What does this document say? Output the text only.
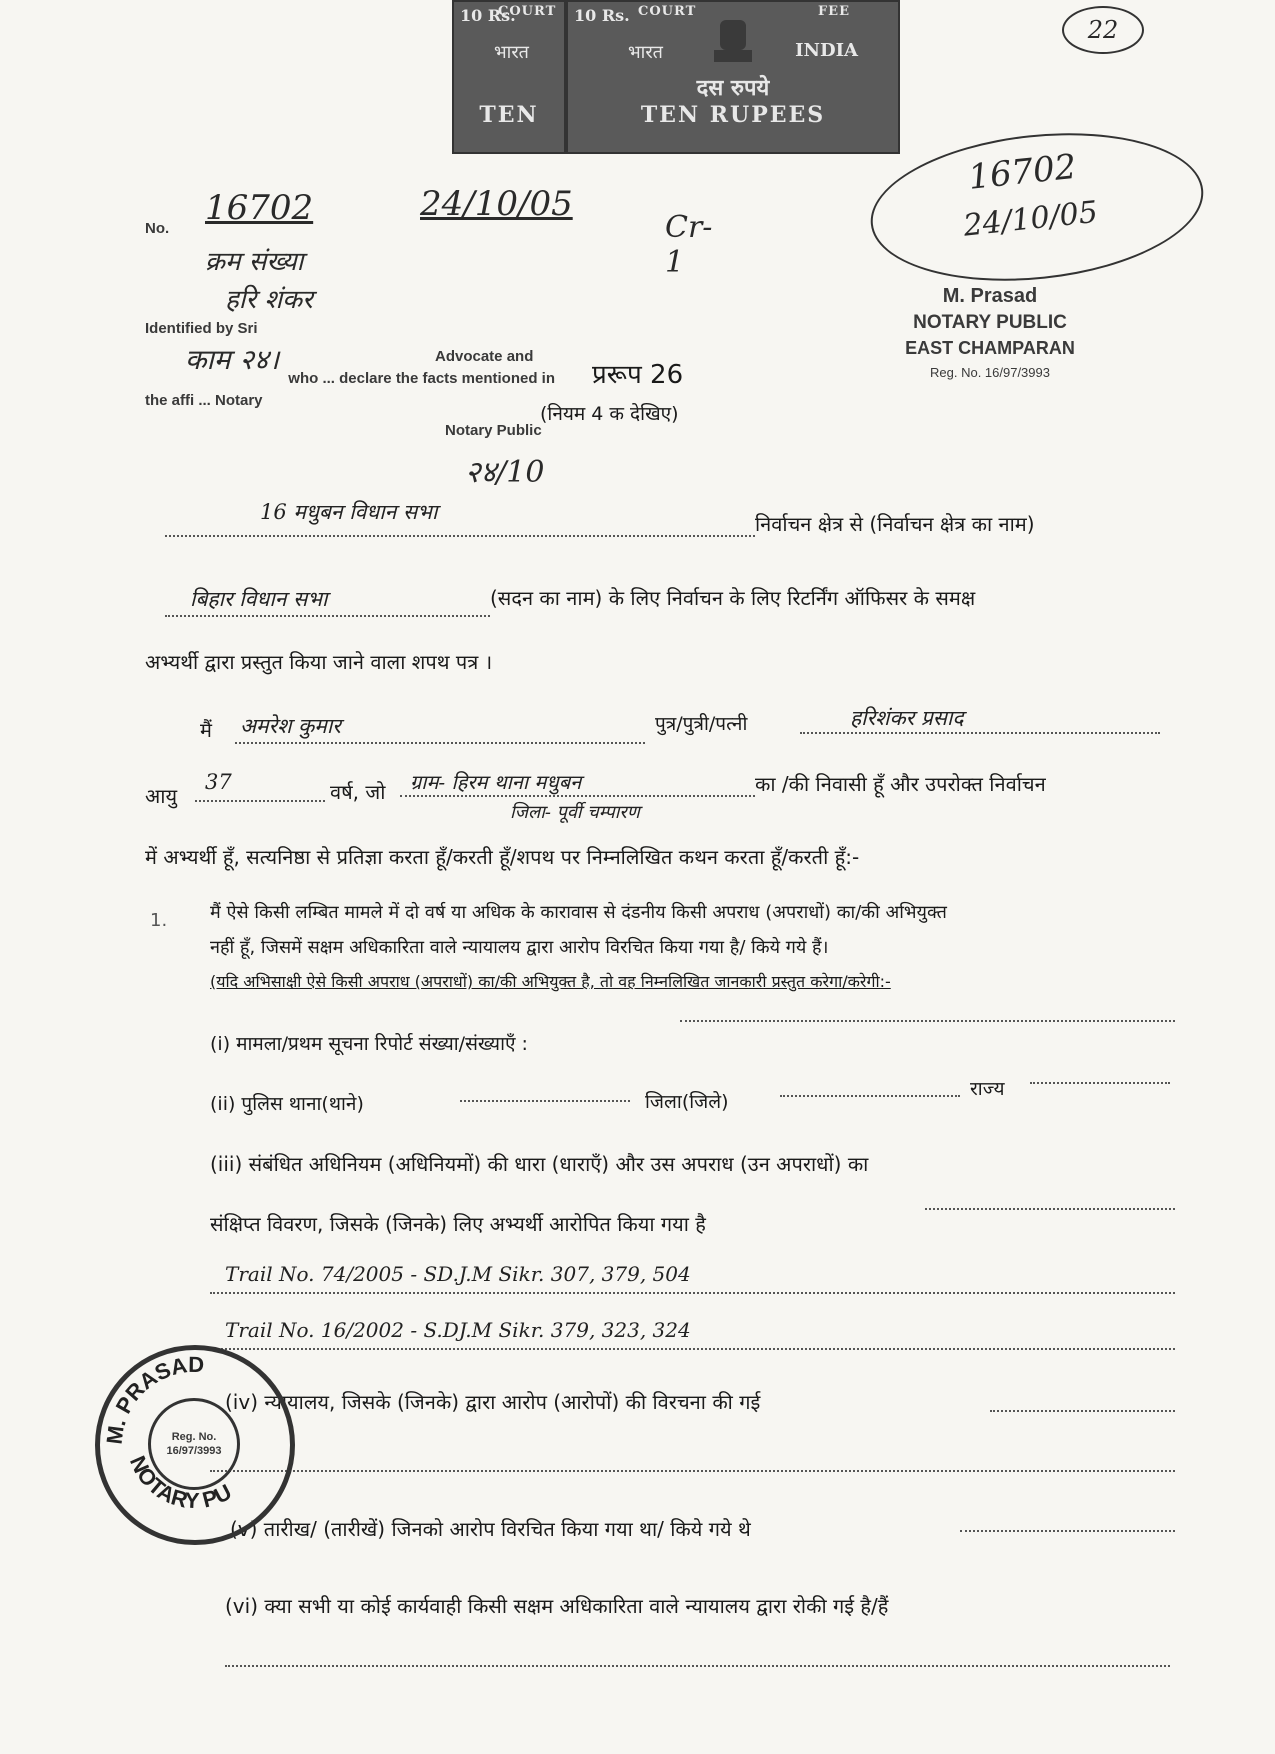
22
10 Rs.
COURT
भारत
TEN
10 Rs. COURT	FEE
भारत	INDIA
दस रुपये
TEN RUPEES
No.
16702	24/10/05
Cr-1
क्रम संख्या
हरि शंकर
Identified by Sri
काम २४।	Advocate and
who ... declare the facts mentioned in
the affi ... Notary
Notary Public
२४/10
16702
24/10/05
M. Prasad
NOTARY PUBLIC
EAST CHAMPARAN
Reg. No. 16/97/3993
प्ररूप 26
(नियम 4 क देखिए)
16 मधुबन विधान सभा	निर्वाचन क्षेत्र से (निर्वाचन क्षेत्र का नाम)
बिहार विधान सभा	(सदन का नाम) के लिए निर्वाचन के लिए रिटर्निंग ऑफिसर के समक्ष
अभ्यर्थी द्वारा प्रस्तुत किया जाने वाला शपथ पत्र ।
मैं अमरेश कुमार	पुत्र/पुत्री/पत्नी	हरिशंकर प्रसाद
आयु
37	वर्ष, जो ग्राम- हिरम थाना मधुबन
जिला- पूर्वी चम्पारण
का /की निवासी हूँ और उपरोक्त निर्वाचन
में अभ्यर्थी हूँ, सत्यनिष्ठा से प्रतिज्ञा करता हूँ/करती हूँ/शपथ पर निम्नलिखित कथन करता हूँ/करती हूँ:-
1. मैं ऐसे किसी लम्बित मामले में दो वर्ष या अधिक के कारावास से दंडनीय किसी अपराध (अपराधों) का/की अभियुक्त
नहीं हूँ, जिसमें सक्षम अधिकारिता वाले न्यायालय द्वारा आरोप विरचित किया गया है/ किये गये हैं।
(यदि अभिसाक्षी ऐसे किसी अपराध (अपराधों) का/की अभियुक्त है, तो वह निम्नलिखित जानकारी प्रस्तुत करेगा/करेगी:-
(i) मामला/प्रथम सूचना रिपोर्ट संख्या/संख्याएँ :
(ii) पुलिस थाना(थाने)	जिला(जिले)
राज्य
(iii) संबंधित अधिनियम (अधिनियमों) की धारा (धाराएँ) और उस अपराध (उन अपराधों) का
संक्षिप्त विवरण, जिसके (जिनके) लिए अभ्यर्थी आरोपित किया गया है
Trail No. 74/2005 - SD.J.M Sikr. 307, 379, 504
Trail No. 16/2002 - S.DJ.M Sikr. 379, 323, 324
(iv) न्यायालय, जिसके (जिनके) द्वारा आरोप (आरोपों) की विरचना की गई
(v) तारीख/ (तारीखें) जिनको आरोप विरचित किया गया था/ किये गये थे
(vi) क्या सभी या कोई कार्यवाही किसी सक्षम अधिकारिता वाले न्यायालय द्वारा रोकी गई है/हैं
M. PRASAD
NOTARY PU
Reg. No. 16/97/3993
